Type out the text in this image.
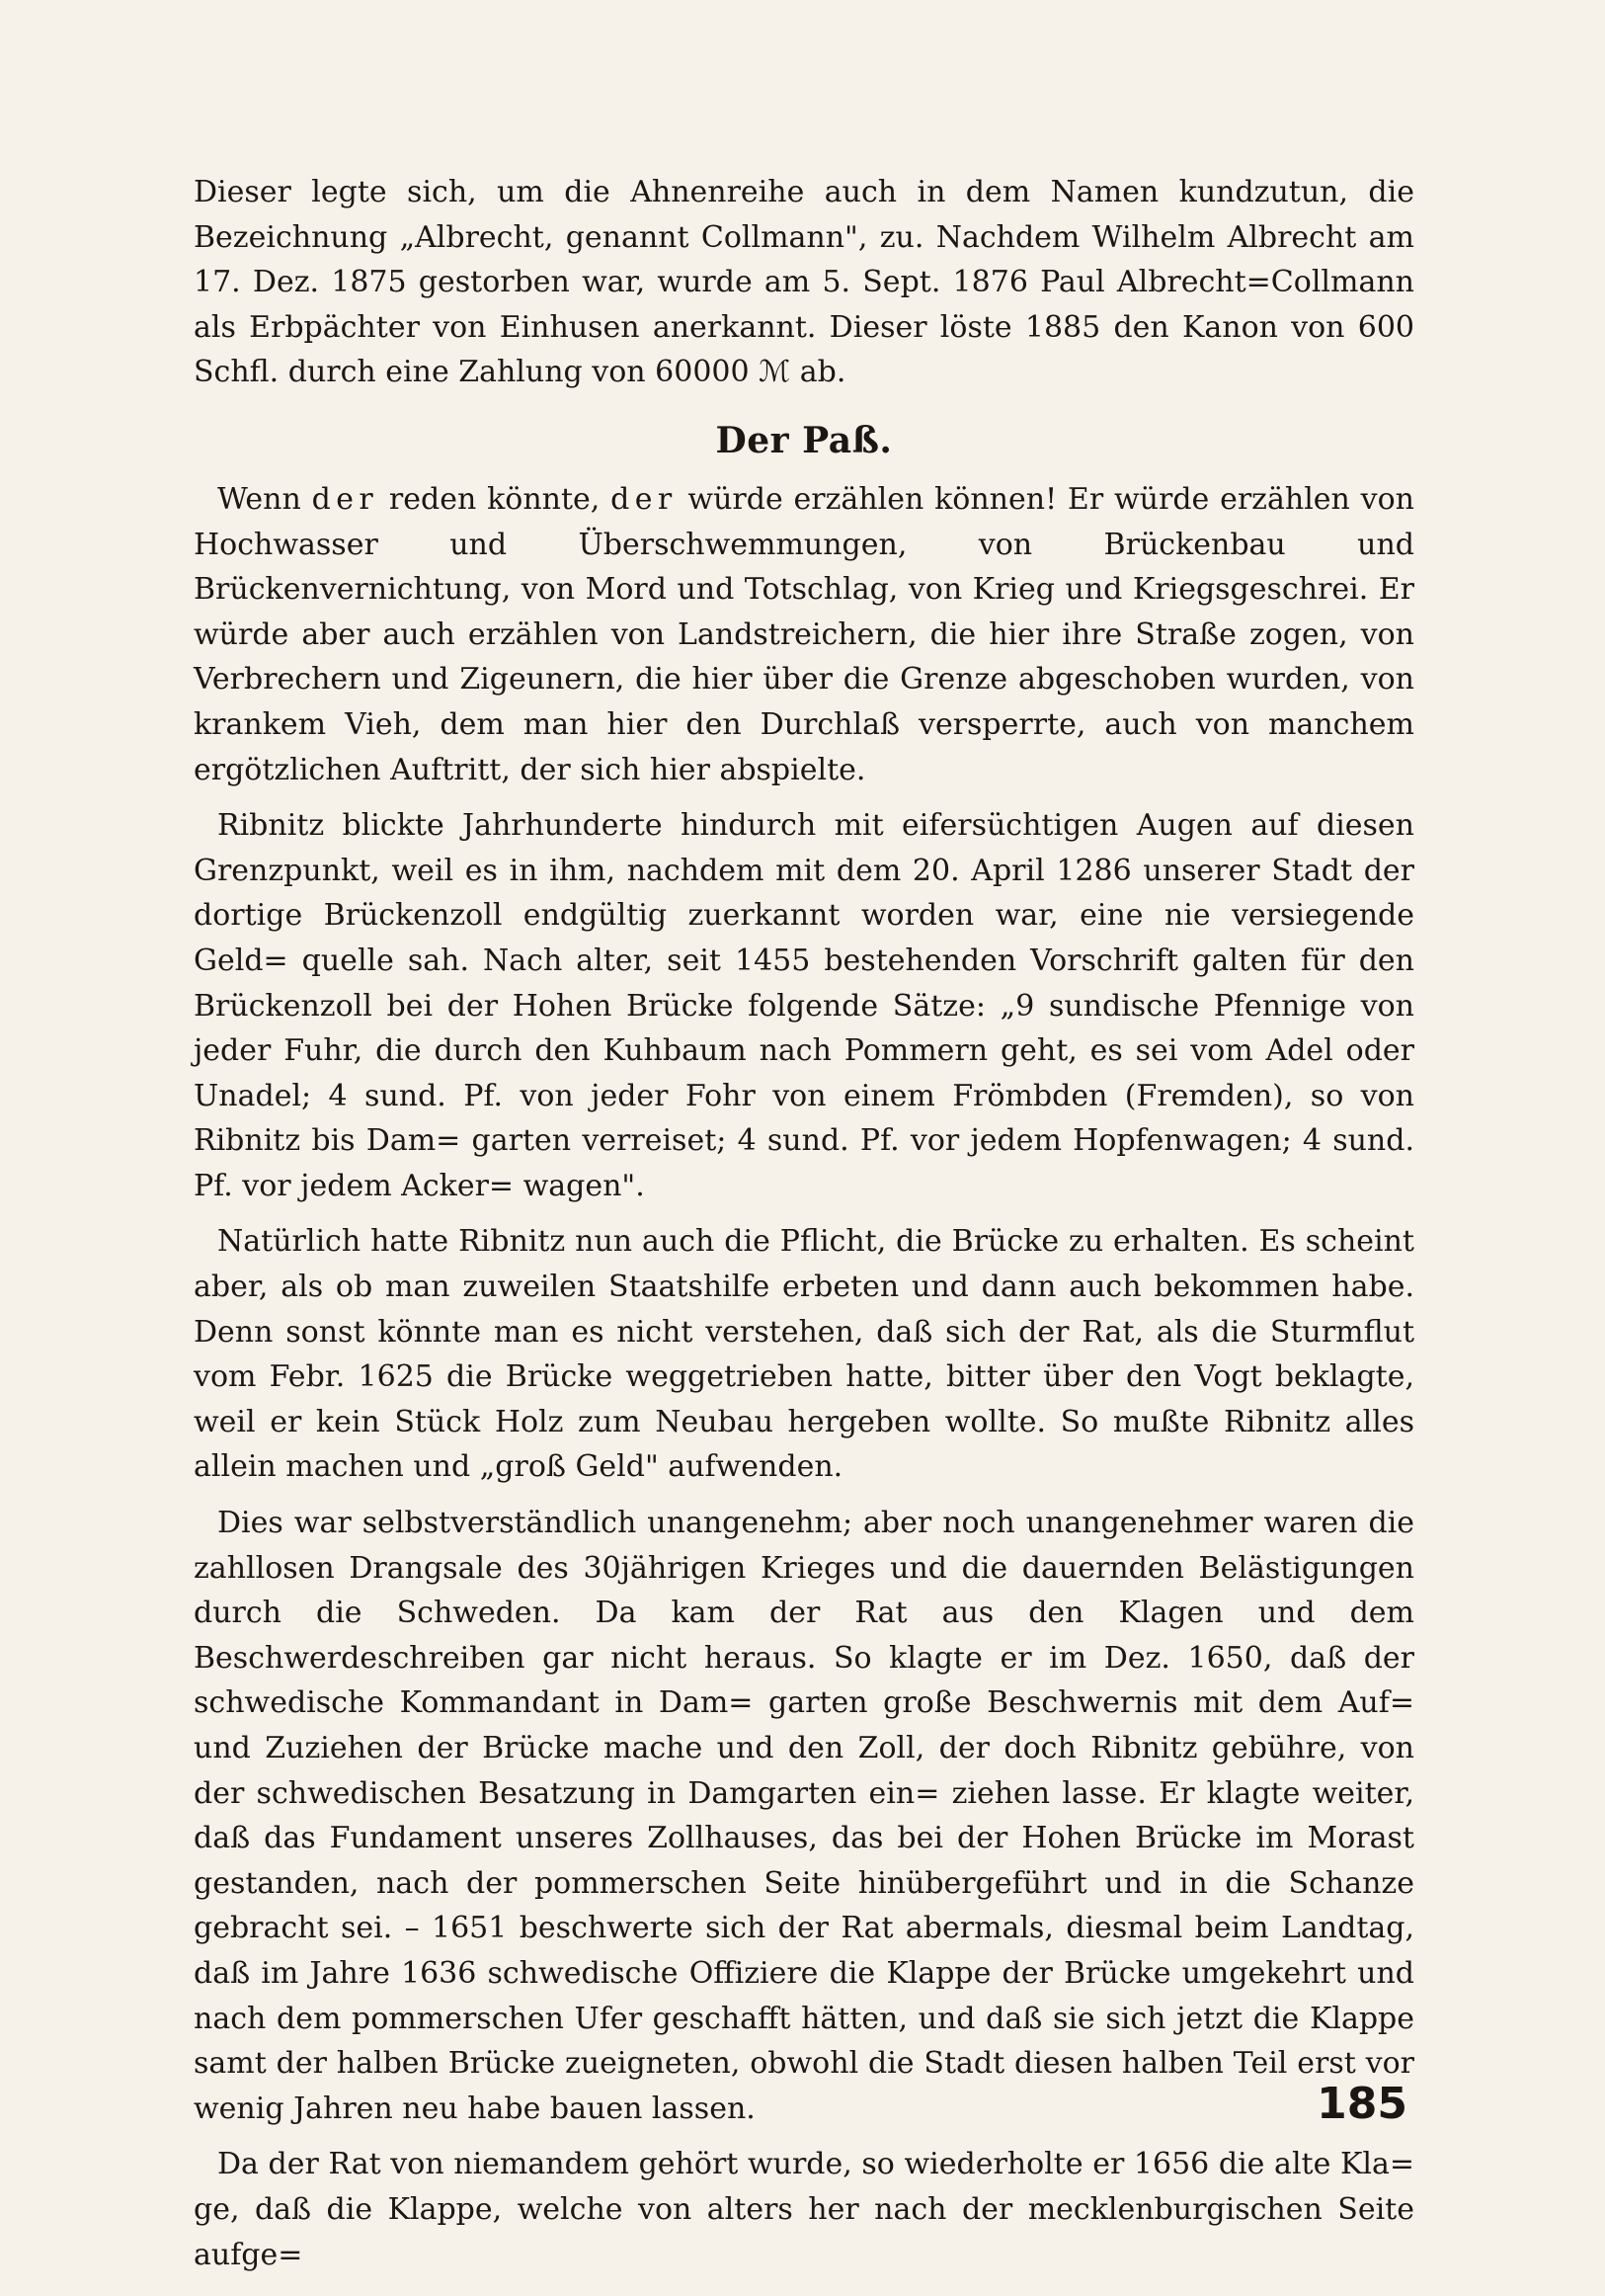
Dieser legte sich, um die Ahnenreihe auch in dem Namen kundzutun, die Bezeichnung „Albrecht, genannt Collmann", zu. Nachdem Wilhelm Albrecht am 17. Dez. 1875 gestorben war, wurde am 5. Sept. 1876 Paul Albrecht=Collmann als Erbpächter von Einhusen anerkannt. Dieser löste 1885 den Kanon von 600 Schfl. durch eine Zahlung von 60000 ℳ ab.

Der Paß.

Wenn der reden könnte, der würde erzählen können! Er würde erzählen von Hochwasser und Überschwemmungen, von Brückenbau und Brückenvernichtung, von Mord und Totschlag, von Krieg und Kriegsgeschrei. Er würde aber auch erzählen von Landstreichern, die hier ihre Straße zogen, von Verbrechern und Zigeunern, die hier über die Grenze abgeschoben wurden, von krankem Vieh, dem man hier den Durchlaß versperrte, auch von manchem ergötzlichen Auftritt, der sich hier abspielte.

Ribnitz blickte Jahrhunderte hindurch mit eifersüchtigen Augen auf diesen Grenzpunkt, weil es in ihm, nachdem mit dem 20. April 1286 unserer Stadt der dortige Brückenzoll endgültig zuerkannt worden war, eine nie versiegende Geld= quelle sah. Nach alter, seit 1455 bestehenden Vorschrift galten für den Brückenzoll bei der Hohen Brücke folgende Sätze: „9 sundische Pfennige von jeder Fuhr, die durch den Kuhbaum nach Pommern geht, es sei vom Adel oder Unadel; 4 sund. Pf. von jeder Fohr von einem Frömbden (Fremden), so von Ribnitz bis Dam= garten verreiset; 4 sund. Pf. vor jedem Hopfenwagen; 4 sund. Pf. vor jedem Acker= wagen".

Natürlich hatte Ribnitz nun auch die Pflicht, die Brücke zu erhalten. Es scheint aber, als ob man zuweilen Staatshilfe erbeten und dann auch bekommen habe. Denn sonst könnte man es nicht verstehen, daß sich der Rat, als die Sturmflut vom Febr. 1625 die Brücke weggetrieben hatte, bitter über den Vogt beklagte, weil er kein Stück Holz zum Neubau hergeben wollte. So mußte Ribnitz alles allein machen und „groß Geld" aufwenden.

Dies war selbstverständlich unangenehm; aber noch unangenehmer waren die zahllosen Drangsale des 30jährigen Krieges und die dauernden Belästigungen durch die Schweden. Da kam der Rat aus den Klagen und dem Beschwerdeschreiben gar nicht heraus. So klagte er im Dez. 1650, daß der schwedische Kommandant in Dam= garten große Beschwernis mit dem Auf= und Zuziehen der Brücke mache und den Zoll, der doch Ribnitz gebühre, von der schwedischen Besatzung in Damgarten ein= ziehen lasse. Er klagte weiter, daß das Fundament unseres Zollhauses, das bei der Hohen Brücke im Morast gestanden, nach der pommerschen Seite hinübergeführt und in die Schanze gebracht sei. – 1651 beschwerte sich der Rat abermals, diesmal beim Landtag, daß im Jahre 1636 schwedische Offiziere die Klappe der Brücke umgekehrt und nach dem pommerschen Ufer geschafft hätten, und daß sie sich jetzt die Klappe samt der halben Brücke zueigneten, obwohl die Stadt diesen halben Teil erst vor wenig Jahren neu habe bauen lassen.

Da der Rat von niemandem gehört wurde, so wiederholte er 1656 die alte Kla= ge, daß die Klappe, welche von alters her nach der mecklenburgischen Seite aufge=

185
